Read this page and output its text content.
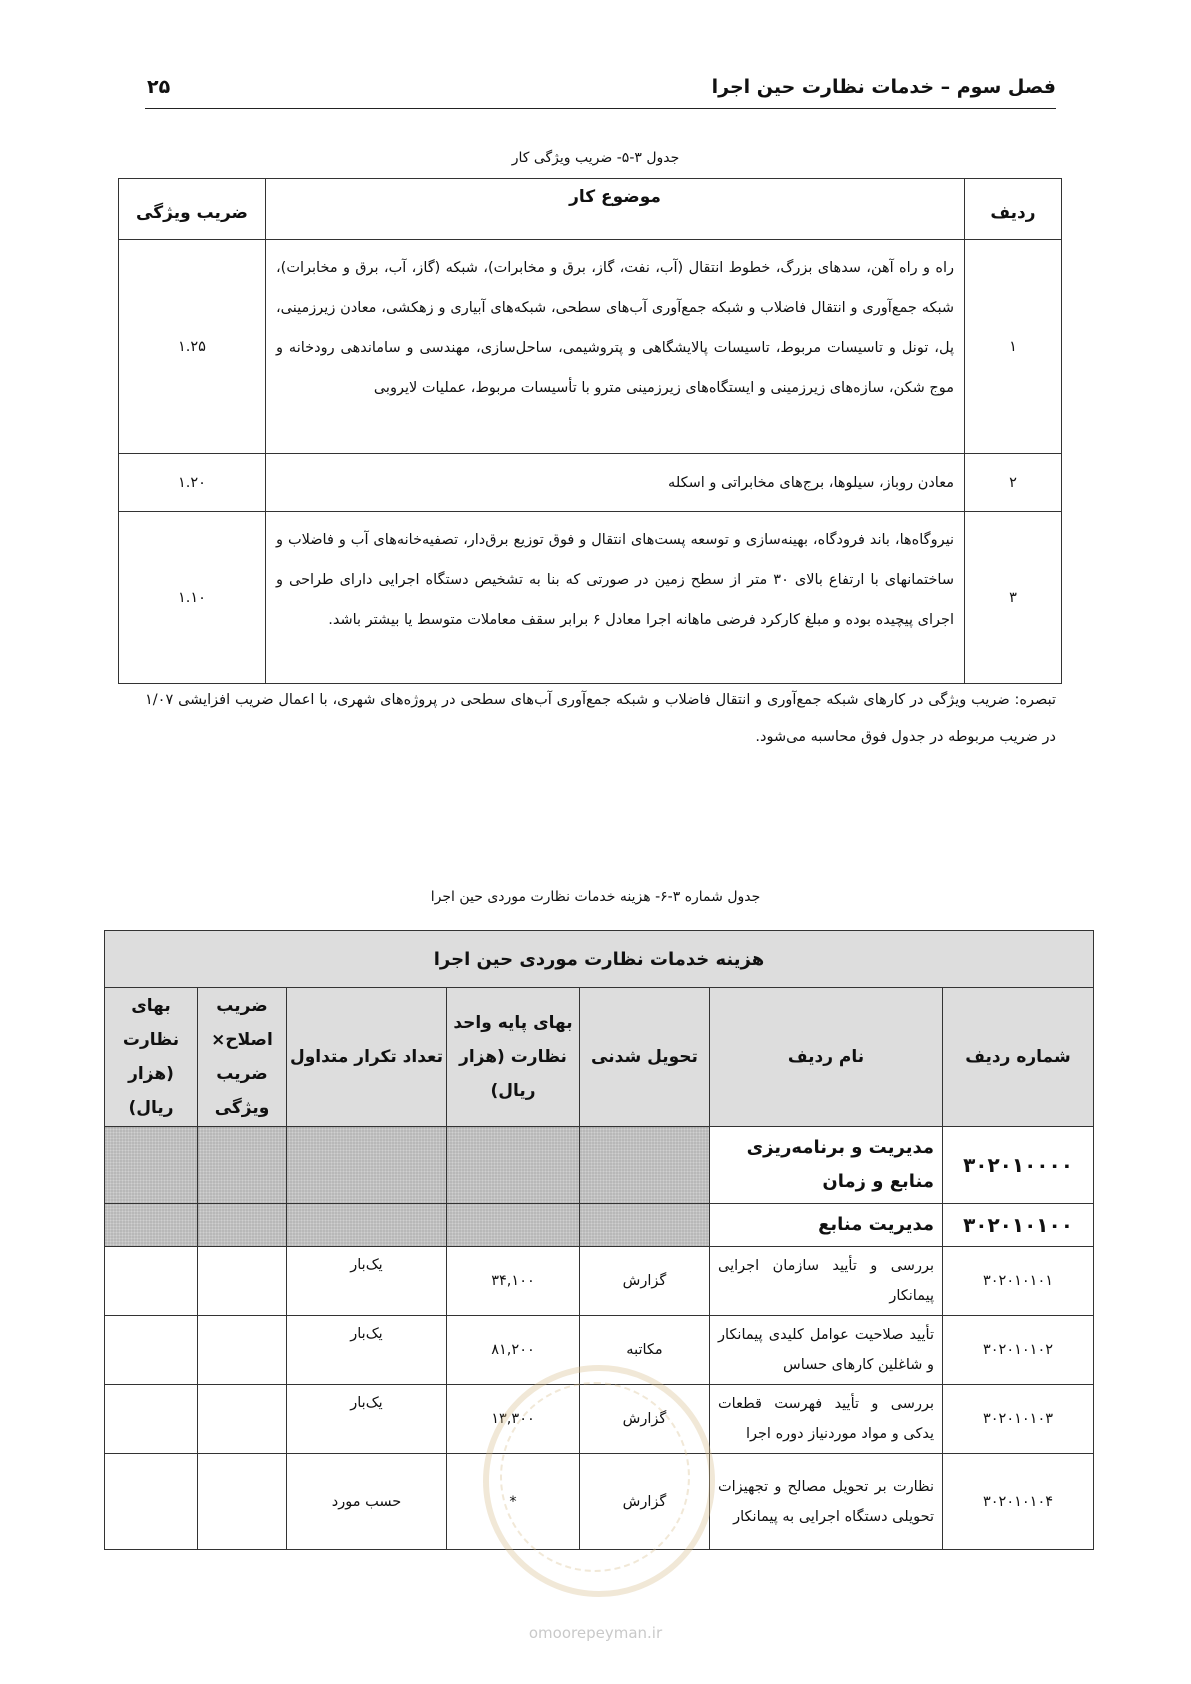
فصل سوم – خدمات نظارت حین اجرا
۲۵
جدول ۳-۵- ضریب ویژگی کار
ردیف	موضوع کار	ضریب ویژگی
۱	راه و راه آهن، سدهای بزرگ، خطوط انتقال (آب، نفت، گاز، برق و مخابرات)، شبکه (گاز، آب، برق و مخابرات)، شبکه جمع‌آوری و انتقال فاضلاب و شبکه جمع‌آوری آب‌های سطحی، شبکه‌های آبیاری و زهکشی، معادن زیرزمینی، پل، تونل و تاسیسات مربوط، تاسیسات پالایشگاهی و پتروشیمی، ساحل‌سازی، مهندسی و ساماندهی رودخانه و موج شکن، سازه‌های زیرزمینی و ایستگاه‌های زیرزمینی مترو با تأسیسات مربوط، عملیات لایروبی	۱.۲۵
۲	معادن روباز، سیلوها، برج‌های مخابراتی و اسکله	۱.۲۰
۳	نیروگاه‌ها، باند فرودگاه، بهینه‌سازی و توسعه پست‌های انتقال و فوق توزیع برق‌دار، تصفیه‌خانه‌های آب و فاضلاب و ساختمانهای با ارتفاع بالای ۳۰ متر از سطح زمین در صورتی که بنا به تشخیص دستگاه اجرایی دارای طراحی و اجرای پیچیده بوده و مبلغ کارکرد فرضی ماهانه اجرا معادل ۶ برابر سقف معاملات متوسط یا بیشتر باشد.	۱.۱۰
تبصره: ضریب ویژگی در کارهای شبکه جمع‌آوری و انتقال فاضلاب و شبکه جمع‌آوری آب‌های سطحی در پروژه‌های شهری، با اعمال ضریب افزایشی ۱/۰۷ در ضریب مربوطه در جدول فوق محاسبه می‌شود.
جدول شماره ۳-۶- هزینه خدمات نظارت موردی حین اجرا
هزینه خدمات نظارت موردی حین اجرا						
شماره ردیف	نام ردیف	تحویل شدنی	بهای پایه واحد نظارت (هزار ریال)	تعداد تکرار متداول	ضریب اصلاح× ضریب ویژگی	بهای نظارت (هزار ریال)
۳۰۲۰۱۰۰۰۰	مدیریت و برنامه‌ریزی منابع و زمان					
۳۰۲۰۱۰۱۰۰	مدیریت منابع					
۳۰۲۰۱۰۱۰۱	بررسی و تأیید سازمان اجرایی پیمانکار	گزارش	۳۴,۱۰۰	یک‌بار		
۳۰۲۰۱۰۱۰۲	تأیید صلاحیت عوامل کلیدی پیمانکار و شاغلین کارهای حساس	مکاتبه	۸۱,۲۰۰	یک‌بار		
۳۰۲۰۱۰۱۰۳	بررسی و تأیید فهرست قطعات یدکی و مواد موردنیاز دوره اجرا	گزارش	۱۳,۳۰۰	یک‌بار		
۳۰۲۰۱۰۱۰۴	نظارت بر تحویل مصالح و تجهیزات تحویلی دستگاه اجرایی به پیمانکار	گزارش	*	حسب مورد		
omoorepeyman.ir
